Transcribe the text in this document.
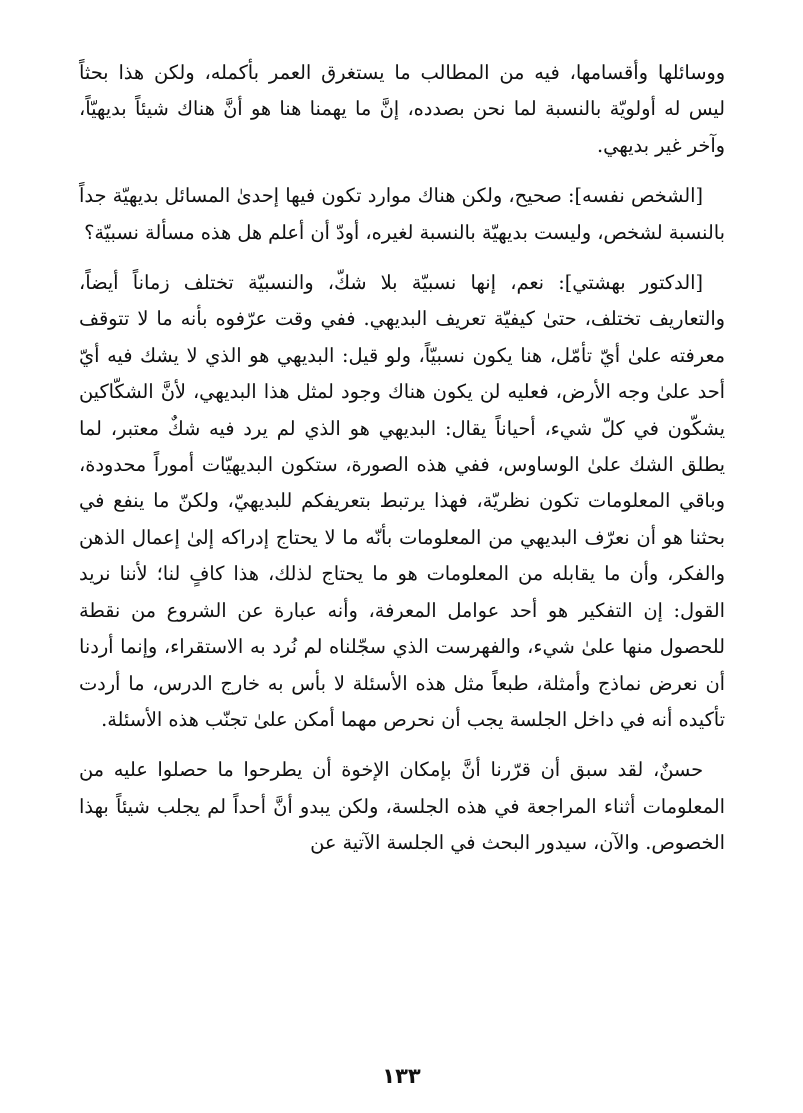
ووسائلها وأقسامها، فيه من المطالب ما يستغرق العمر بأكمله، ولكن هذا بحثاً ليس له أولويّة بالنسبة لما نحن بصدده، إنَّ ما يهمنا هنا هو أنَّ هناك شيئاً بديهيّاً، وآخر غير بديهي.

[الشخص نفسه]: صحيح، ولكن هناك موارد تكون فيها إحدىٰ المسائل بديهيّة جداً بالنسبة لشخص، وليست بديهيّة بالنسبة لغيره، أودّ أن أعلم هل هذه مسألة نسبيّة؟

[الدكتور بهشتي]: نعم، إنها نسبيّة بلا شكّ، والنسبيّة تختلف زماناً أيضاً، والتعاريف تختلف، حتىٰ كيفيّة تعريف البديهي. ففي وقت عرّفوه بأنه ما لا تتوقف معرفته علىٰ أيّ تأمّل، هنا يكون نسبيّاً، ولو قيل: البديهي هو الذي لا يشك فيه أيّ أحد علىٰ وجه الأرض، فعليه لن يكون هناك وجود لمثل هذا البديهي، لأنَّ الشكّاكين يشكّون في كلّ شيء، أحياناً يقال: البديهي هو الذي لم يرد فيه شكٌ معتبر، لما يطلق الشك علىٰ الوساوس، ففي هذه الصورة، ستكون البديهيّات أموراً محدودة، وباقي المعلومات تكون نظريّة، فهذا يرتبط بتعريفكم للبديهيّ، ولكنّ ما ينفع في بحثنا هو أن نعرّف البديهي من المعلومات بأنّه ما لا يحتاج إدراكه إلىٰ إعمال الذهن والفكر، وأن ما يقابله من المعلومات هو ما يحتاج لذلك، هذا كافٍ لنا؛ لأننا نريد القول: إن التفكير هو أحد عوامل المعرفة، وأنه عبارة عن الشروع من نقطة للحصول منها علىٰ شيء، والفهرست الذي سجّلناه لم نُرد به الاستقراء، وإنما أردنا أن نعرض نماذج وأمثلة، طبعاً مثل هذه الأسئلة لا بأس به خارج الدرس، ما أردت تأكيده أنه في داخل الجلسة يجب أن نحرص مهما أمكن علىٰ تجنّب هذه الأسئلة.

حسنٌ، لقد سبق أن قرّرنا أنَّ بإمكان الإخوة أن يطرحوا ما حصلوا عليه من المعلومات أثناء المراجعة في هذه الجلسة، ولكن يبدو أنَّ أحداً لم يجلب شيئاً بهذا الخصوص. والآن، سيدور البحث في الجلسة الآتية عن

١٣٣
